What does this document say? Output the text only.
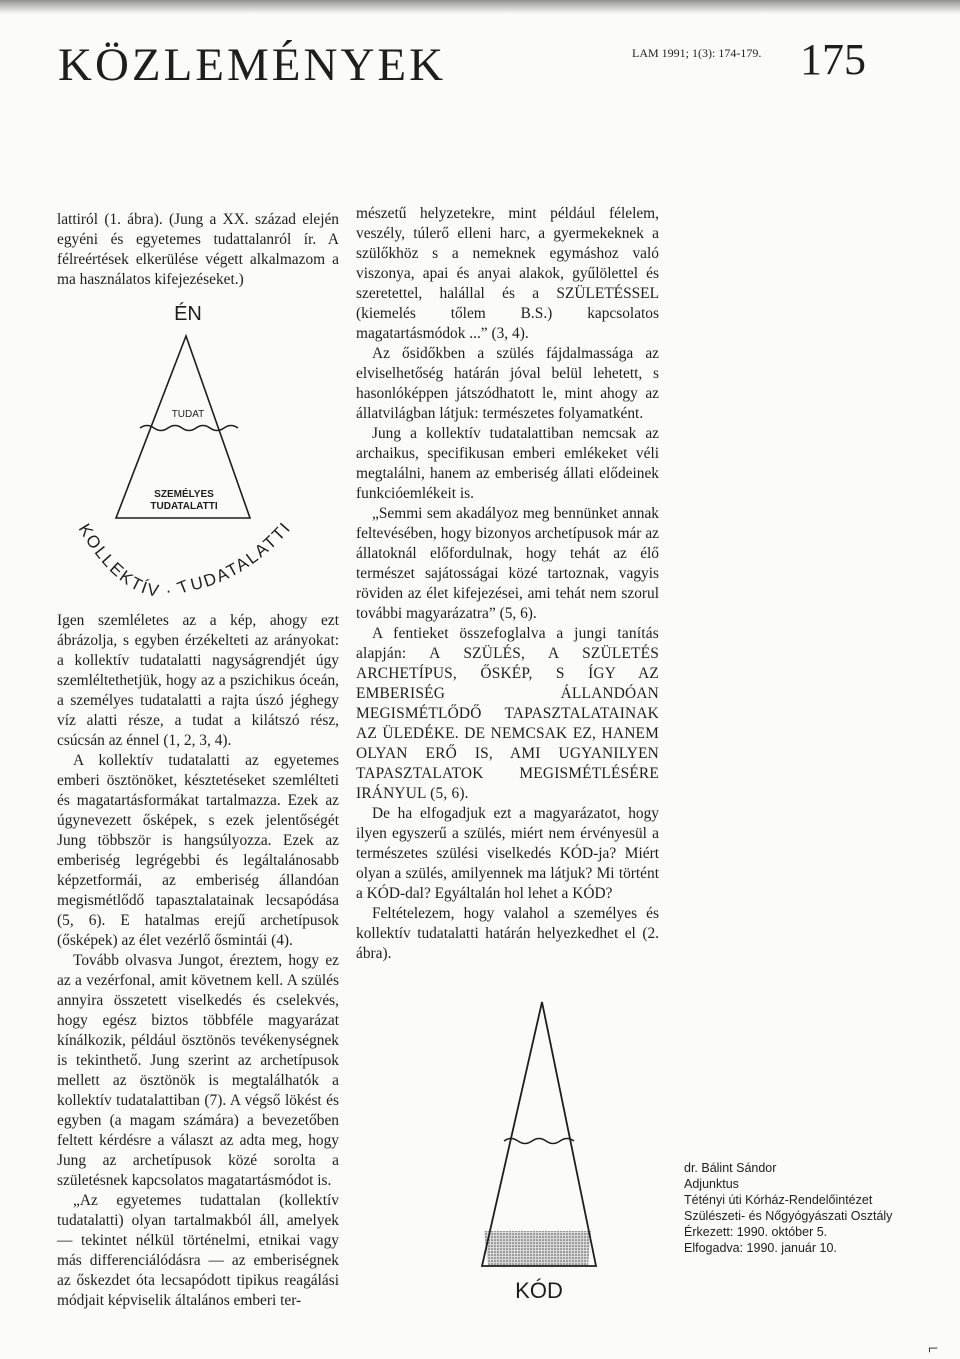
KÖZLEMÉNYEK	LAM 1991; 1(3): 174-179. 175

lattiról (1. ábra). (Jung a XX. század elején egyéni és egyetemes tudattalanról ír. A félreértések elkerülése végett alkalmazom a ma használatos kifejezéseket.)

ÉN
TUDAT
SZEMÉLYES
TUDATALATTI
KOLLEKTÍV · TUDATALATTI

Igen szemléletes az a kép, ahogy ezt ábrázolja, s egyben érzékelteti az arányokat: a kollektív tudatalatti nagyságrendjét úgy szemléltethetjük, hogy az a pszichikus óceán, a személyes tudatalatti a rajta úszó jéghegy víz alatti része, a tudat a kilátszó rész, csúcsán az énnel (1, 2, 3, 4).

A kollektív tudatalatti az egyetemes emberi ösztönöket, késztetéseket szemlélteti és magatartásformákat tartalmazza. Ezek az úgynevezett ősképek, s ezek jelentőségét Jung többször is hangsúlyozza. Ezek az emberiség legrégebbi és legáltalánosabb képzetformái, az emberiség állandóan megismétlődő tapasztalatainak lecsapódása (5, 6). E hatalmas erejű archetípusok (ősképek) az élet vezérlő ősmintái (4).

Tovább olvasva Jungot, éreztem, hogy ez az a vezérfonal, amit követnem kell. A szülés annyira összetett viselkedés és cselekvés, hogy egész biztos többféle magyarázat kínálkozik, például ösztönös tevékenységnek is tekinthető. Jung szerint az archetípusok mellett az ösztönök is megtalálhatók a kollektív tudatalattiban (7). A végső lökést és egyben (a magam számára) a bevezetőben feltett kérdésre a választ az adta meg, hogy Jung az archetípusok közé sorolta a születésnek kapcsolatos magatartásmódot is.

„Az egyetemes tudattalan (kollektív tudatalatti) olyan tartalmakból áll, amelyek — tekintet nélkül történelmi, etnikai vagy más differenciálódásra — az emberiségnek az őskezdet óta lecsapódott tipikus reagálási módjait képviselik általános emberi ter-

mészetű helyzetekre, mint például félelem, veszély, túlerő elleni harc, a gyermekeknek a szülőkhöz s a nemeknek egymáshoz való viszonya, apai és anyai alakok, gyűlölettel és szeretettel, halállal és a SZÜLETÉSSEL (kiemelés tőlem B.S.) kapcsolatos magatartásmódok ...” (3, 4).

Az ősidőkben a szülés fájdalmassága az elviselhetőség határán jóval belül lehetett, s hasonlóképpen játszódhatott le, mint ahogy az állatvilágban látjuk: természetes folyamatként.

Jung a kollektív tudatalattiban nemcsak az archaikus, specifikusan emberi emlékeket véli megtalálni, hanem az emberiség állati elődeinek funkcióemlékeit is.

„Semmi sem akadályoz meg bennünket annak feltevésében, hogy bizonyos archetípusok már az állatoknál előfordulnak, hogy tehát az élő természet sajátosságai közé tartoznak, vagyis röviden az élet kifejezései, ami tehát nem szorul további magyarázatra” (5, 6).

A fentieket összefoglalva a jungi tanítás alapján: A SZÜLÉS, A SZÜLETÉS ARCHETÍPUS, ŐSKÉP, S ÍGY AZ EMBERISÉG ÁLLANDÓAN MEGISMÉTLŐDŐ TAPASZTALATAINAK AZ ÜLEDÉKE. DE NEMCSAK EZ, HANEM OLYAN ERŐ IS, AMI UGYANILYEN TAPASZTALATOK MEGISMÉTLÉSÉRE IRÁNYUL (5, 6).

De ha elfogadjuk ezt a magyarázatot, hogy ilyen egyszerű a szülés, miért nem érvényesül a természetes szülési viselkedés KÓD-ja? Miért olyan a szülés, amilyennek ma látjuk? Mi történt a KÓD-dal? Egyáltalán hol lehet a KÓD?

Feltételezem, hogy valahol a személyes és kollektív tudatalatti határán helyezkedhet el (2. ábra).

KÓD
dr. Bálint Sándor
Adjunktus
Tétényi úti Kórház-Rendelőintézet Szülészeti- és Nőgyógyászati Osztály
Érkezett: 1990. október 5.
Elfogadva: 1990. január 10.
⌐
